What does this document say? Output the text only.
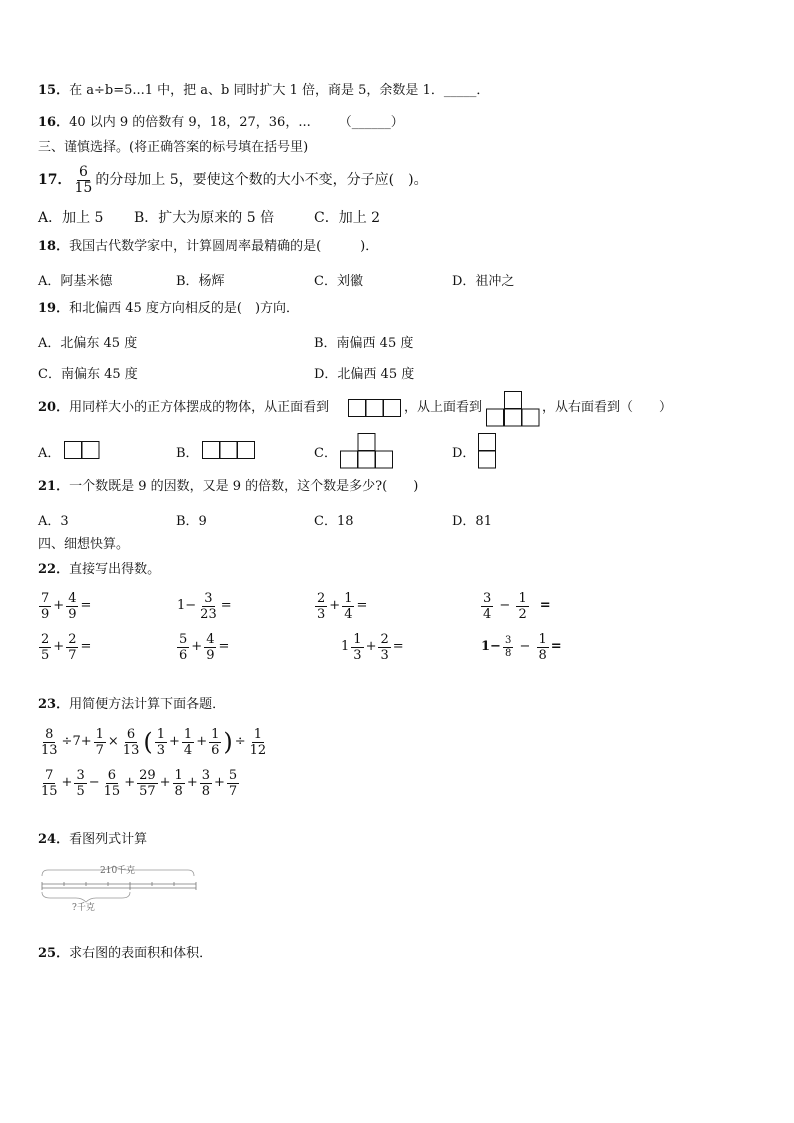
15．在 a÷b=5...1 中，把 a、b 同时扩大 1 倍，商是 5，余数是 1．_____．
16．40 以内 9 的倍数有 9，18，27，36，... （______）
三、谨慎选择。(将正确答案的标号填在括号里)
17． $\frac{6}{15}$ 的分母加上 5，要使这个数的大小不变，分子应(　)。
A．加上 5 B．扩大为原来的 5 倍	C．加上 2
18．我国古代数学家中，计算圆周率最精确的是(　　　)．
A．阿基米德	B．杨辉	C．刘徽	D．祖冲之
19．和北偏西 45 度方向相反的是(　)方向．
A．北偏东 45 度	B．南偏西 45 度
C．南偏东 45 度	D．北偏西 45 度
20．用同样大小的正方体摆成的物体，从正面看到	，从上面看到	，从右面看到（　　）
A．	B．	C．	D．
21．一个数既是 9 的因数，又是 9 的倍数，这个数是多少?(　　)
A．3	B．9	C．18	D．81
四、细想快算。
22．直接写出得数。
$\frac{7}{9} + \frac{4}{9}$ =	$1- \frac{3}{23}$ =	$\frac{2}{3} + \frac{1}{4}$ =	$\frac{3}{4} - \frac{1}{2}$ =
$\frac{2}{5} + \frac{2}{7}$ =	$\frac{5}{6} + \frac{4}{9}$ =	$1 \frac{1}{3} + \frac{2}{3}$ =	$1- \frac{3}{8} - \frac{1}{8}$ =
23．用简便方法计算下面各题．
$\frac{8}{13} \div 7+ \frac{1}{7} \times \frac{6}{13}$ ( $\frac{1}{3} + \frac{1}{4} + \frac{1}{6}$ ) ÷ $\frac{1}{12}$
$\frac{7}{15} + \frac{3}{5} - \frac{6}{15} + \frac{29}{57} + \frac{1}{8} + \frac{3}{8} + \frac{5}{7}$
24．看图列式计算
210千克
?千克
25．求右图的表面积和体积．
